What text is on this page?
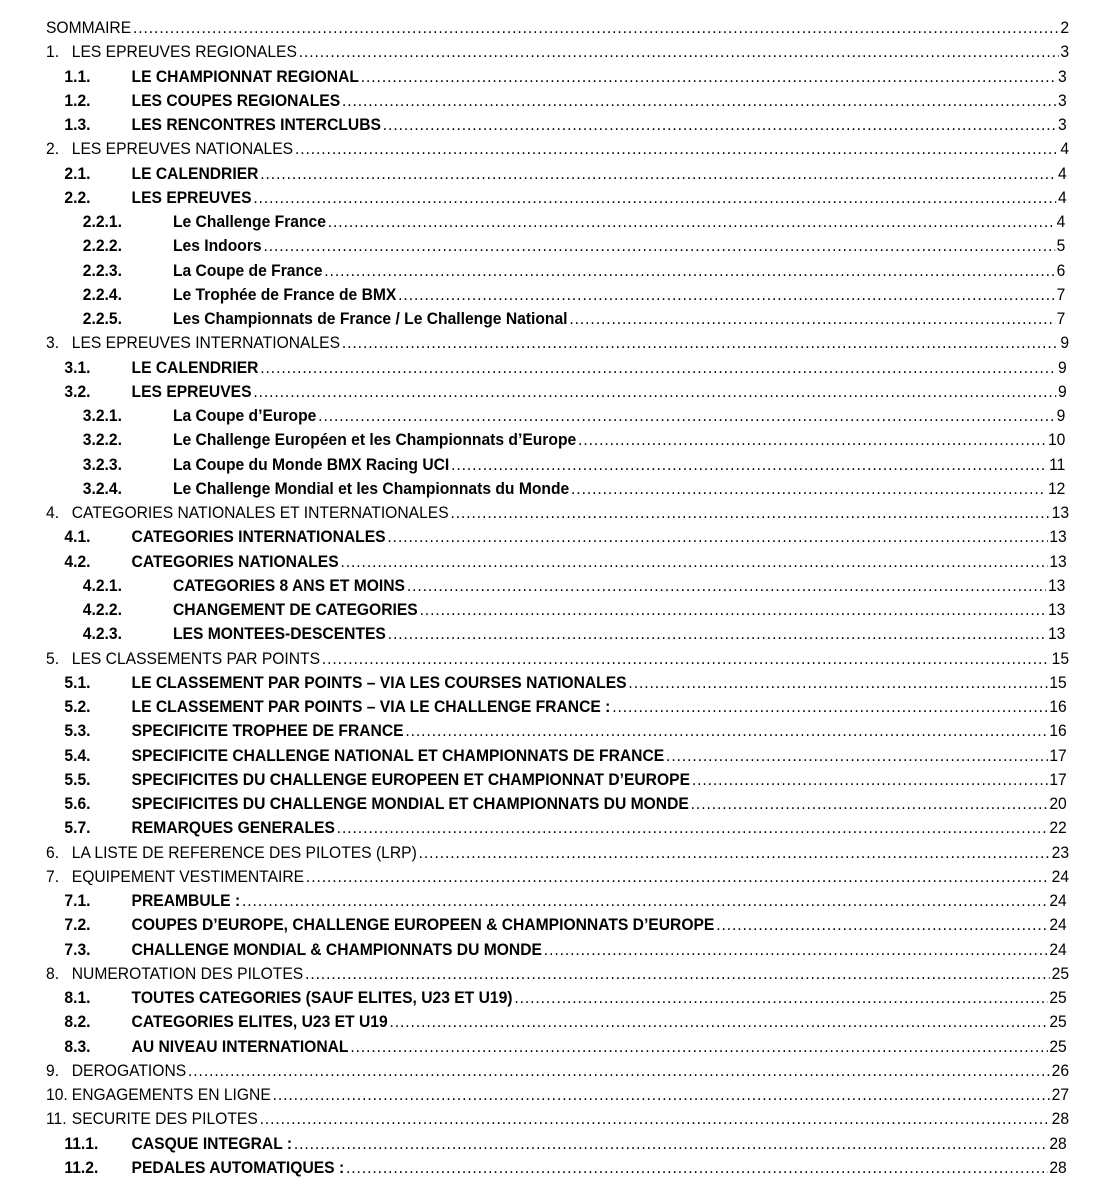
SOMMAIRE .....	2
1. LES EPREUVES REGIONALES .....	3
1.1.	LE CHAMPIONNAT REGIONAL .....	3
1.2.	LES COUPES REGIONALES .....	3
1.3.	LES RENCONTRES INTERCLUBS .....	3
2. LES EPREUVES NATIONALES .....	4
2.1.	LE CALENDRIER .....	4
2.2.	LES EPREUVES .....	4
2.2.1.	Le Challenge France .....	4
2.2.2.	Les Indoors .....	5
2.2.3.	La Coupe de France .....	6
2.2.4.	Le Trophée de France de BMX .....	7
2.2.5.	Les Championnats de France / Le Challenge National .....	7
3. LES EPREUVES INTERNATIONALES .....	9
3.1.	LE CALENDRIER .....	9
3.2.	LES EPREUVES .....	9
3.2.1.	La Coupe d’Europe .....	9
3.2.2.	Le Challenge Européen et les Championnats d’Europe .....	10
3.2.3.	La Coupe du Monde BMX Racing UCI .....	11
3.2.4.	Le Challenge Mondial et les Championnats du Monde .....	12
4. CATEGORIES NATIONALES ET INTERNATIONALES .....	13
4.1.	CATEGORIES INTERNATIONALES .....	13
4.2.	CATEGORIES NATIONALES .....	13
4.2.1.	CATEGORIES 8 ANS ET MOINS .....	13
4.2.2.	CHANGEMENT DE CATEGORIES .....	13
4.2.3.	LES MONTEES-DESCENTES .....	13
5. LES CLASSEMENTS PAR POINTS .....	15
5.1.	LE CLASSEMENT PAR POINTS – VIA LES COURSES NATIONALES .....	15
5.2.	LE CLASSEMENT PAR POINTS – VIA LE CHALLENGE FRANCE : .....	16
5.3.	SPECIFICITE TROPHEE DE FRANCE .....	16
5.4.	SPECIFICITE CHALLENGE NATIONAL ET CHAMPIONNATS DE FRANCE .....	17
5.5.	SPECIFICITES DU CHALLENGE EUROPEEN ET CHAMPIONNAT D’EUROPE .....	17
5.6.	SPECIFICITES DU CHALLENGE MONDIAL ET CHAMPIONNATS DU MONDE .....	20
5.7.	REMARQUES GENERALES .....	22
6. LA LISTE DE REFERENCE DES PILOTES (LRP) .....	23
7. EQUIPEMENT VESTIMENTAIRE .....	24
7.1.	PREAMBULE : .....	24
7.2.	COUPES D’EUROPE, CHALLENGE EUROPEEN & CHAMPIONNATS D’EUROPE .....	24
7.3.	CHALLENGE MONDIAL & CHAMPIONNATS DU MONDE .....	24
8. NUMEROTATION DES PILOTES .....	25
8.1.	TOUTES CATEGORIES (SAUF ELITES, U23 ET U19) .....	25
8.2.	CATEGORIES ELITES, U23 ET U19 .....	25
8.3.	AU NIVEAU INTERNATIONAL .....	25
9. DEROGATIONS .....	26
10. ENGAGEMENTS EN LIGNE .....	27
11. SECURITE DES PILOTES .....	28
11.1.	CASQUE INTEGRAL : .....	28
11.2.	PEDALES AUTOMATIQUES : .....	28
